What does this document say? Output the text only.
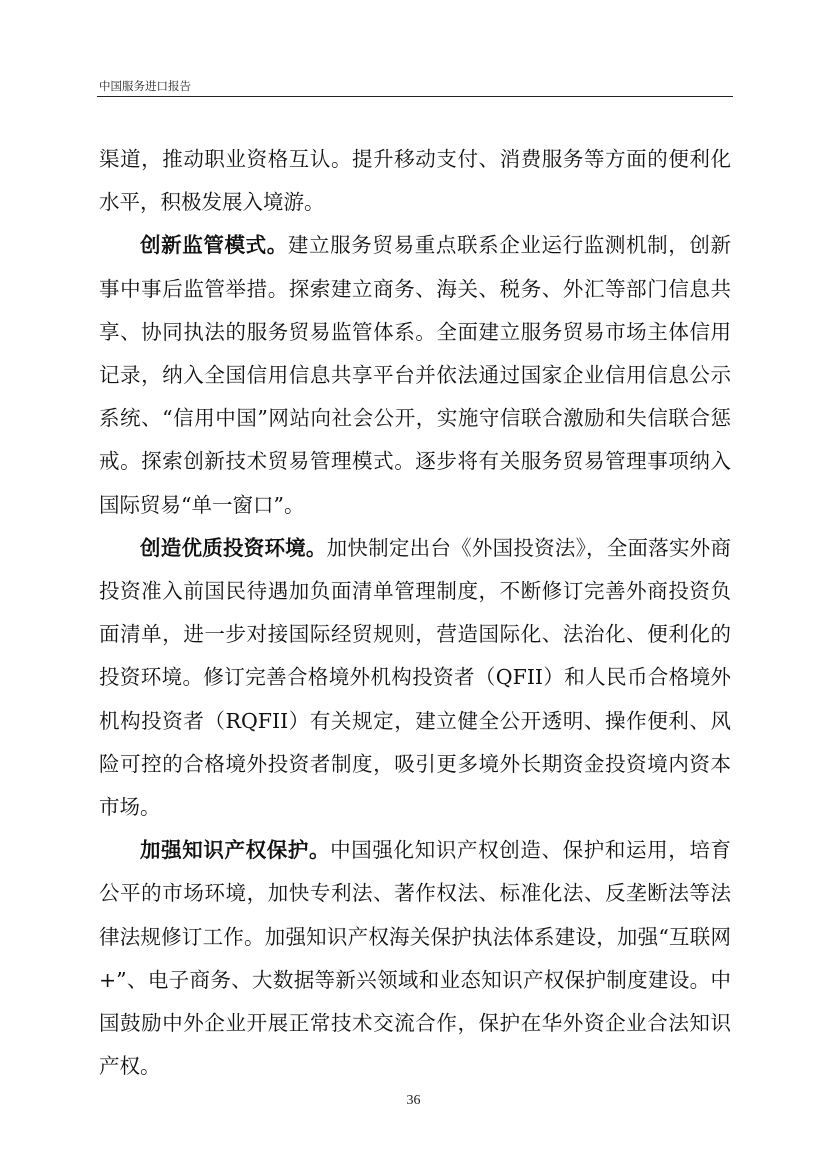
中国服务进口报告

渠道，推动职业资格互认。提升移动支付、消费服务等方面的便利化水平，积极发展入境游。

创新监管模式。建立服务贸易重点联系企业运行监测机制，创新事中事后监管举措。探索建立商务、海关、税务、外汇等部门信息共享、协同执法的服务贸易监管体系。全面建立服务贸易市场主体信用记录，纳入全国信用信息共享平台并依法通过国家企业信用信息公示系统、“信用中国”网站向社会公开，实施守信联合激励和失信联合惩戒。探索创新技术贸易管理模式。逐步将有关服务贸易管理事项纳入国际贸易“单一窗口”。

创造优质投资环境。加快制定出台《外国投资法》，全面落实外商投资准入前国民待遇加负面清单管理制度，不断修订完善外商投资负面清单，进一步对接国际经贸规则，营造国际化、法治化、便利化的投资环境。修订完善合格境外机构投资者（QFII）和人民币合格境外机构投资者（RQFII）有关规定，建立健全公开透明、操作便利、风险可控的合格境外投资者制度，吸引更多境外长期资金投资境内资本市场。

加强知识产权保护。中国强化知识产权创造、保护和运用，培育公平的市场环境，加快专利法、著作权法、标准化法、反垄断法等法律法规修订工作。加强知识产权海关保护执法体系建设，加强“互联网+”、电子商务、大数据等新兴领域和业态知识产权保护制度建设。中国鼓励中外企业开展正常技术交流合作，保护在华外资企业合法知识产权。

36
